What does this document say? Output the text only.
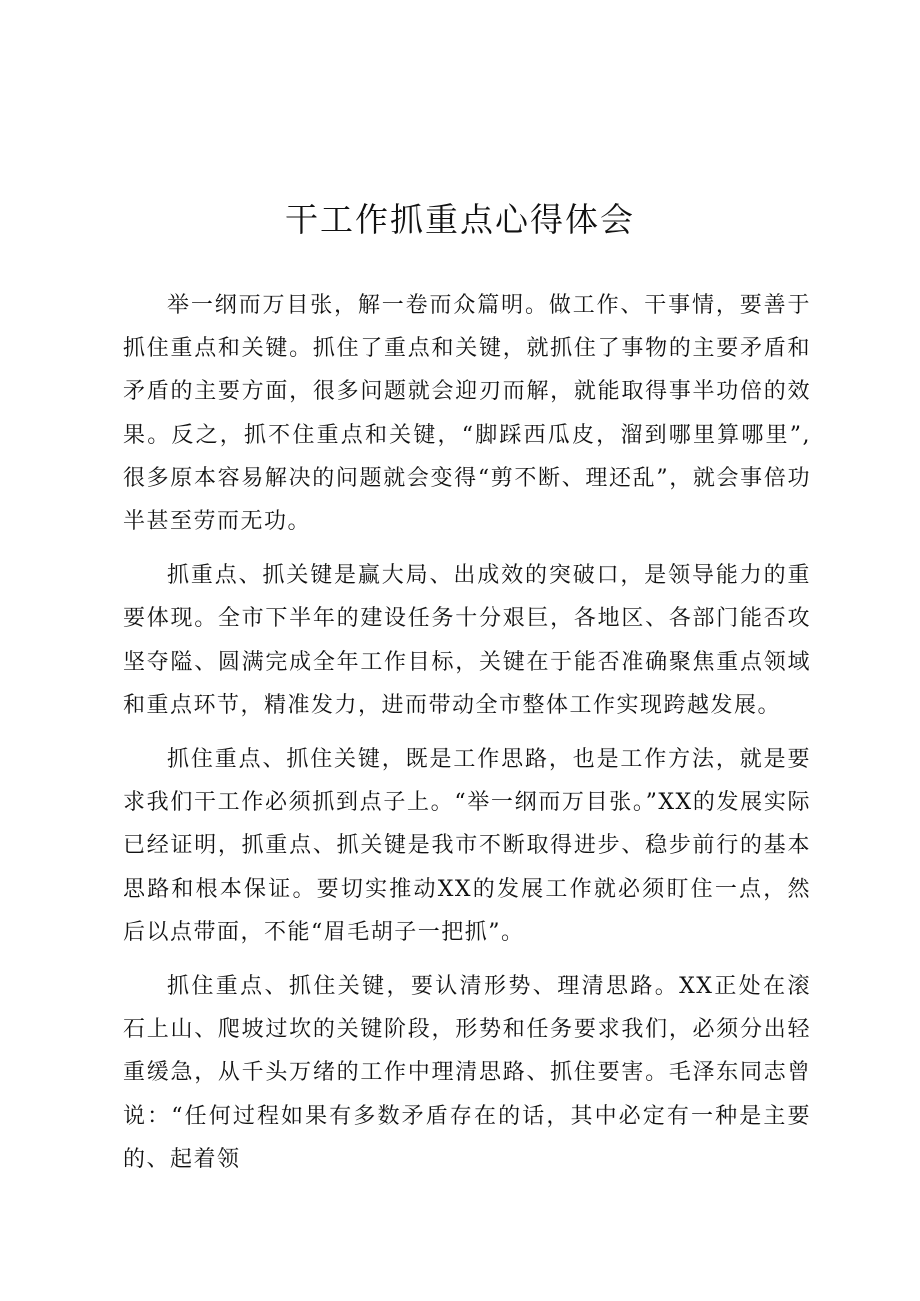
干工作抓重点心得体会

举一纲而万目张，解一卷而众篇明。做工作、干事情，要善于抓住重点和关键。抓住了重点和关键，就抓住了事物的主要矛盾和矛盾的主要方面，很多问题就会迎刃而解，就能取得事半功倍的效果。反之，抓不住重点和关键，“脚踩西瓜皮，溜到哪里算哪里”,很多原本容易解决的问题就会变得“剪不断、理还乱”，就会事倍功半甚至劳而无功。

抓重点、抓关键是赢大局、出成效的突破口，是领导能力的重要体现。全市下半年的建设任务十分艰巨，各地区、各部门能否攻坚夺隘、圆满完成全年工作目标，关键在于能否准确聚焦重点领域和重点环节，精准发力，进而带动全市整体工作实现跨越发展。

抓住重点、抓住关键，既是工作思路，也是工作方法，就是要求我们干工作必须抓到点子上。“举一纲而万目张。”XX的发展实际已经证明，抓重点、抓关键是我市不断取得进步、稳步前行的基本思路和根本保证。要切实推动XX的发展工作就必须盯住一点，然后以点带面，不能“眉毛胡子一把抓”。

抓住重点、抓住关键，要认清形势、理清思路。XX正处在滚石上山、爬坡过坎的关键阶段，形势和任务要求我们，必须分出轻重缓急，从千头万绪的工作中理清思路、抓住要害。毛泽东同志曾说：“任何过程如果有多数矛盾存在的话，其中必定有一种是主要的、起着领
